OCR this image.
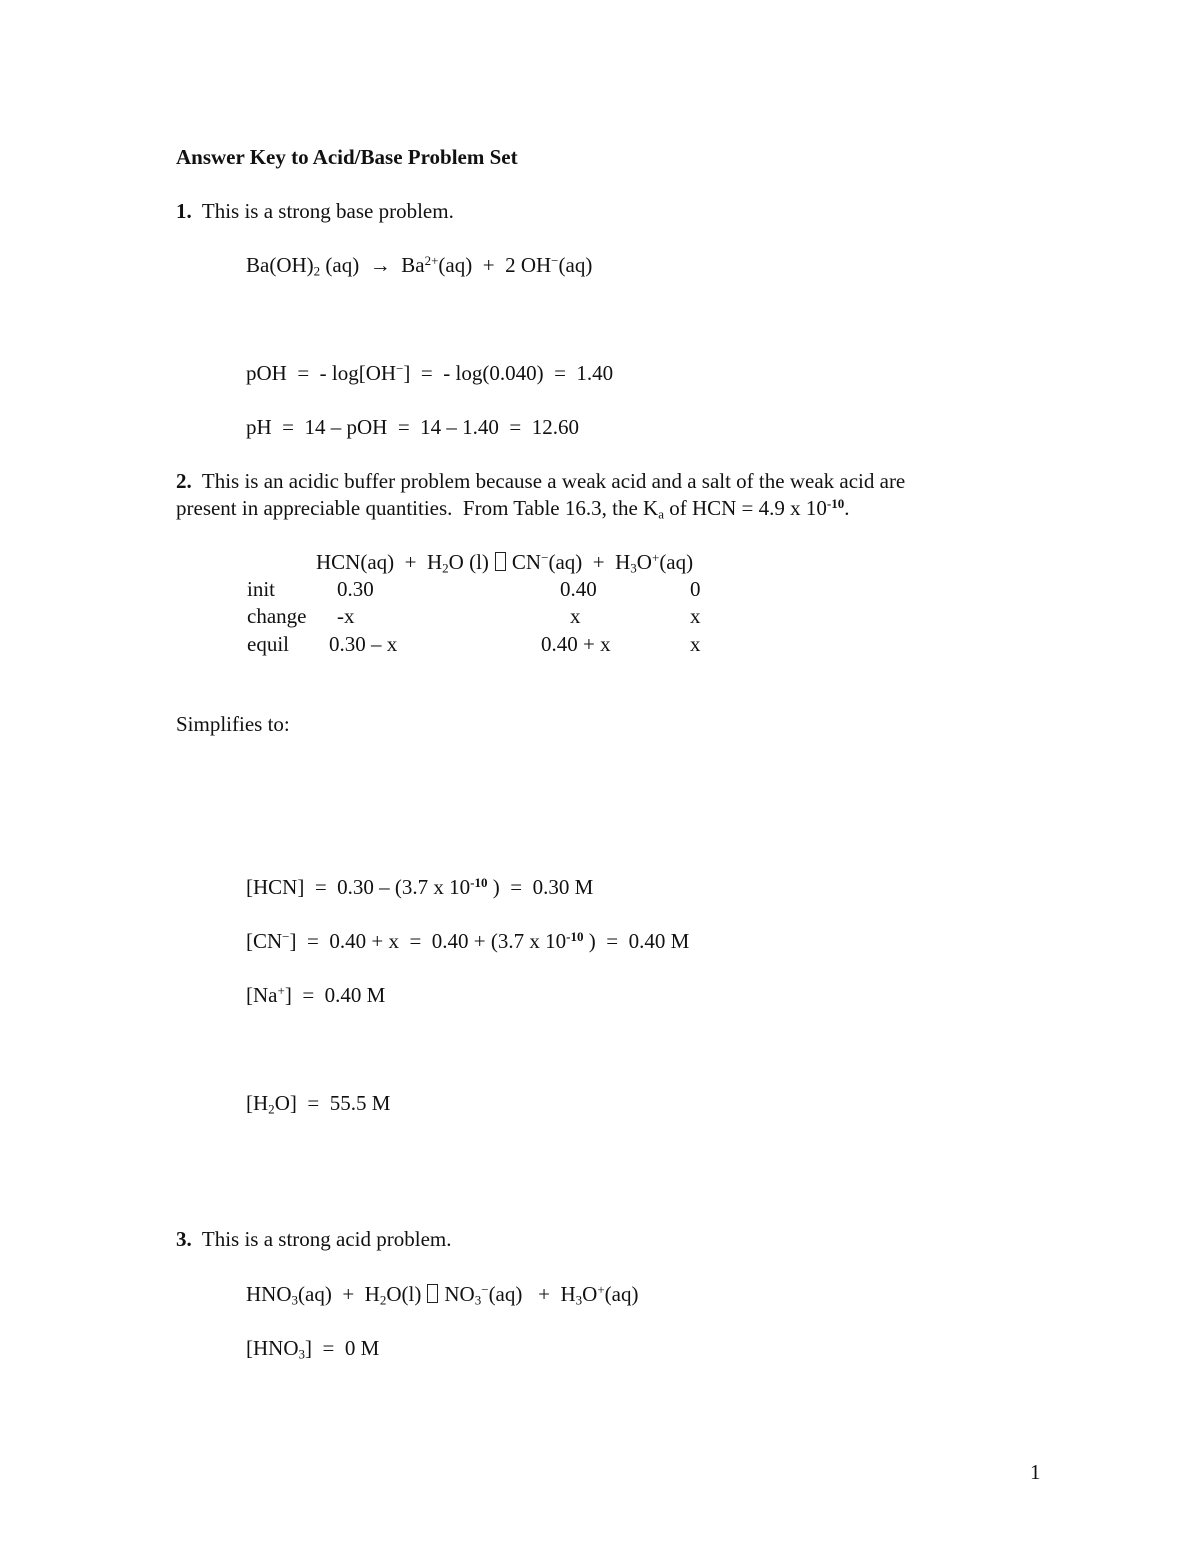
Answer Key to Acid/Base Problem Set
1. This is a strong base problem.
$Ba(OH)_2$ $(aq) \to Ba^{2+}(aq) + 2$ OH−(aq)
pOH  =  - log[OH−]  =  - log(0.040)  =  1.40
pH  =  14 – pOH  =  14 – 1.40  =  12.60
2. This is an acidic buffer problem because a weak acid and a salt of the weak acid are
present in appreciable quantities.  From Table 16.3, the $K_a$ of HCN = 4.9 x $10^{-10}$.
$HCN(aq) + H_2O$ (l) $CN^-(aq) + H_3O^+(aq)$
init	0.30	0.40	0
change -x	x	x
equil 0.30 – x	0.40 + x	x
Simplifies to:
[HCN]  =  0.30 – (3.7 x $10^{-10}$ )  =  0.30 M
[CN−]  =  0.40 + x  =  0.40 + (3.7 x $10^{-10}$ )  =  0.40 M
[Na+]  =  0.40 M
$[H_2O] = 55.5$ M
3. This is a strong acid problem.
$HNO_3(aq) + H_2O(l) NO_3^-(aq) + H_3O^+(aq)$
$[HNO_3] = 0$ M
1
